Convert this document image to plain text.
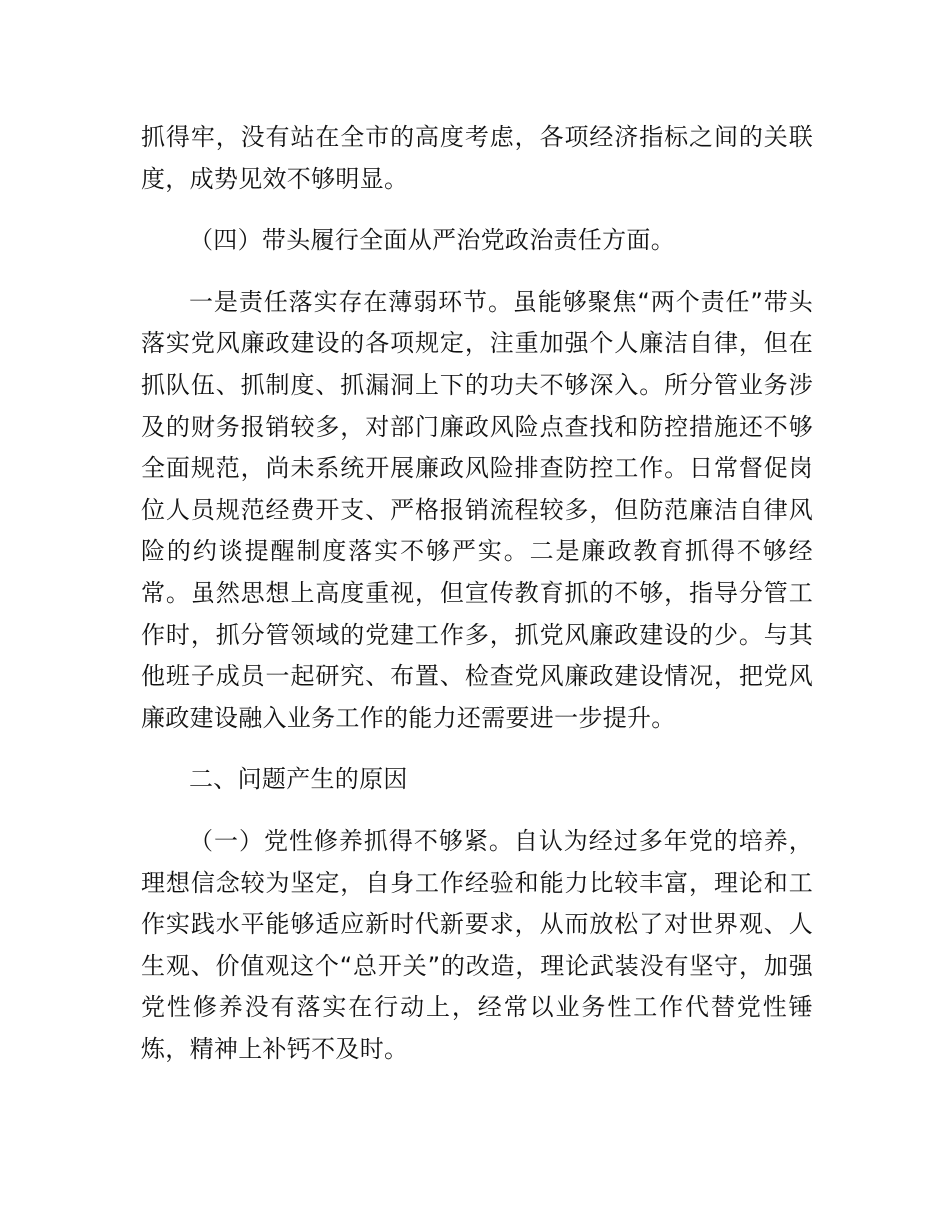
抓得牢，没有站在全市的高度考虑，各项经济指标之间的关联度，成势见效不够明显。

（四）带头履行全面从严治党政治责任方面。

一是责任落实存在薄弱环节。虽能够聚焦“两个责任”带头落实党风廉政建设的各项规定，注重加强个人廉洁自律，但在抓队伍、抓制度、抓漏洞上下的功夫不够深入。所分管业务涉及的财务报销较多，对部门廉政风险点查找和防控措施还不够全面规范，尚未系统开展廉政风险排查防控工作。日常督促岗位人员规范经费开支、严格报销流程较多，但防范廉洁自律风险的约谈提醒制度落实不够严实。二是廉政教育抓得不够经常。虽然思想上高度重视，但宣传教育抓的不够，指导分管工作时，抓分管领域的党建工作多，抓党风廉政建设的少。与其他班子成员一起研究、布置、检查党风廉政建设情况，把党风廉政建设融入业务工作的能力还需要进一步提升。

二、问题产生的原因

（一）党性修养抓得不够紧。自认为经过多年党的培养，理想信念较为坚定，自身工作经验和能力比较丰富，理论和工作实践水平能够适应新时代新要求，从而放松了对世界观、人生观、价值观这个“总开关”的改造，理论武装没有坚守，加强党性修养没有落实在行动上，经常以业务性工作代替党性锤炼，精神上补钙不及时。
